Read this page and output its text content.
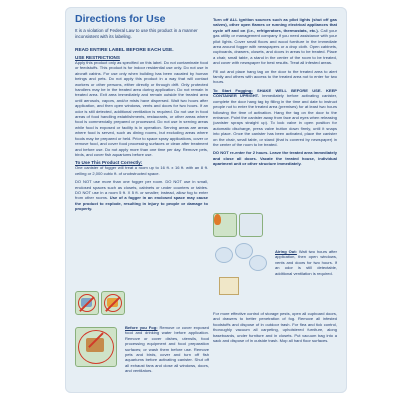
Directions for Use
It is a violation of Federal Law to use this product in a manner inconsistent with its labeling.
READ ENTIRE LABEL BEFORE EACH USE.
USE RESTRICTIONS

Apply this product only as specified on this label. Do not contaminate food or feedstuffs. This product is for indoor residential use only. Do not use in aircraft cabins. For use only when building has been vacated by human beings and pets. Do not apply this product in a way that will contact workers or other persons, either directly or through drift. Only protected handlers may be in the treated area during application. Do not remain in treated area. Exit area immediately and remain outside the treated area until aerosols, vapors, and/or mists have dispersed. Wait two hours after application, and then open windows, vents and doors for two hours. If an odor is still detected, additional ventilation is required. Do not use in food areas of food handling establishments, restaurants, or other areas where food is commercially prepared or processed. Do not use in serving areas while food is exposed or facility is in operation. Serving areas are areas where food is served, such as dining rooms, but excluding areas where foods may be prepared or held. Prior to space spray applications, cover or remove food, and cover food processing surfaces or clean after treatment and before use. Do not apply more than one time per day. Remove pets, birds, and cover fish aquariums before use.

To Use This Product Correctly:

One canister of fogger will treat a room up to 16 ft. x 16 ft. with an 8 ft. ceiling or 2,000 cubic ft. of unobstructed space.

DO NOT use more than one fogger per room. DO NOT use in small, enclosed spaces such as closets, cabinets or under counters or tables. DO NOT use in a room 5 ft. X 5 ft. or smaller; instead, allow fog to enter from other rooms. Use of a fogger in an enclosed space may cause the product to explode, resulting in injury to people or damage to property.

Before you Fog: Remove or cover exposed food and drinking water before application. Remove or cover dishes, utensils, food processing equipment and food preparation surfaces; or wash them before use. Remove pets and birds, cover and turn off fish aquariums before activating canister. Shut off all exhaust fans and close all windows, doors, and ventilators.

Turn off ALL ignition sources such as pilot lights (shut off gas valves), other open flames or running electrical appliances that cycle off and on (i.e., refrigerators, thermostats, etc.). Call your gas utility or management company if you need assistance with your pilot lights. Cover small floors and wood furniture in the immediate area around fogger with newspapers or a drop cloth. Open cabinets, cupboards, drawers, closets, and doors in areas to be treated. Place a chair, small table, a stand in the center of the room to be treated, and cover with newspaper for best results. Treat all infested areas.

Fill out and place hang tag on the door to the treated area to alert family and others with access to the treated area not to enter for two hours.

To Start Fogging: SHAKE WELL BEFORE USE. KEEP CONTAINER UPRIGHT. Immediately before activating canister, complete the door hang tag by filling in the time and date to instruct people not to enter the treated area (premises) for at least two hours following the time of activation. Hang the tag on the door to the entrance. Point the canister away from face and eyes when releasing (canister sprays straight up). To lock valve in open position for automatic discharge, press valve button down firmly, until it snaps into place. Once the canister has been activated, place the canister on the chair, small table, or stand (that is covered by newspaper) in the center of the room to be treated.

DO NOT re-enter for 2 hours. Leave the treated area immediately and close all doors. Vacate the treated house, individual apartment unit or other structure immediately.

Airing Out: Wait two hours after application, then open windows, vents and doors for two hours. If an odor is still detectable, additional ventilation is required.

For more effective control of storage pests, open all cupboard doors, and drawers to better penetration of fog. Remove all infested foodstuffs and dispose of in outdoor trash. For flea and tick control, thoroughly vacuum all carpeting, upholstered furniture, along baseboards, under furniture and in closets. Put vacuum bag into a sack and dispose of in outside trash. Mop all hard floor surfaces.
